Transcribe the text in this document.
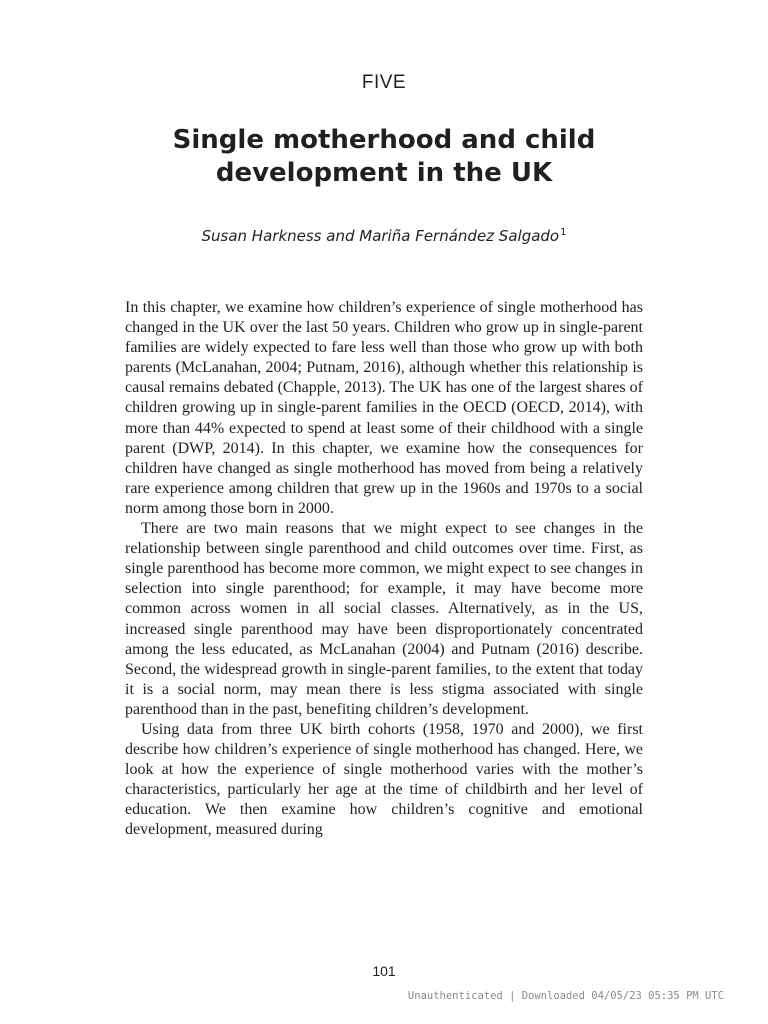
FIVE
Single motherhood and child development in the UK
Susan Harkness and Mariña Fernández Salgado$^1$

In this chapter, we examine how children’s experience of single motherhood has changed in the UK over the last 50 years. Children who grow up in single-parent families are widely expected to fare less well than those who grow up with both parents (McLanahan, 2004; Putnam, 2016), although whether this relationship is causal remains debated (Chapple, 2013). The UK has one of the largest shares of children growing up in single-parent families in the OECD (OECD, 2014), with more than 44% expected to spend at least some of their childhood with a single parent (DWP, 2014). In this chapter, we examine how the consequences for children have changed as single motherhood has moved from being a relatively rare experience among children that grew up in the 1960s and 1970s to a social norm among those born in 2000.

There are two main reasons that we might expect to see changes in the relationship between single parenthood and child outcomes over time. First, as single parenthood has become more common, we might expect to see changes in selection into single parenthood; for example, it may have become more common across women in all social classes. Alternatively, as in the US, increased single parenthood may have been disproportionately concentrated among the less educated, as McLanahan (2004) and Putnam (2016) describe. Second, the widespread growth in single-parent families, to the extent that today it is a social norm, may mean there is less stigma associated with single parenthood than in the past, benefiting children’s development.

Using data from three UK birth cohorts (1958, 1970 and 2000), we first describe how children’s experience of single motherhood has changed. Here, we look at how the experience of single motherhood varies with the mother’s characteristics, particularly her age at the time of childbirth and her level of education. We then examine how children’s cognitive and emotional development, measured during

101
Unauthenticated | Downloaded 04/05/23 05:35 PM UTC
